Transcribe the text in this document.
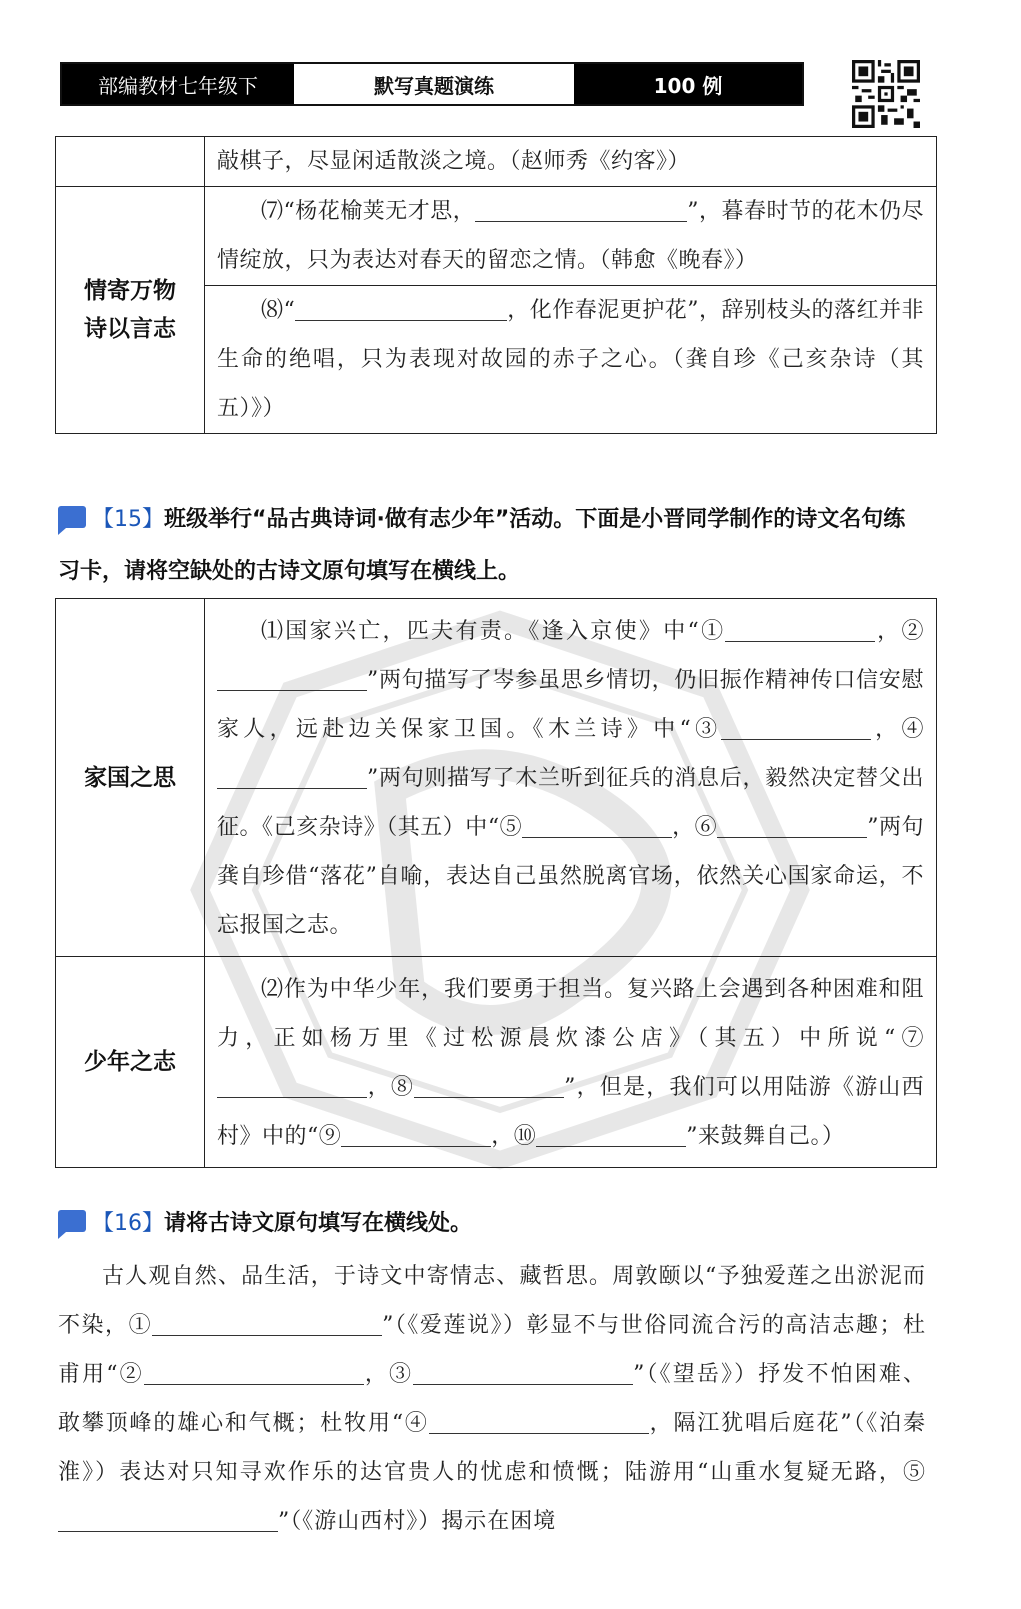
部编教材七年级下	默写真题演练	100 例
	敲棋子，尽显闲适散淡之境。（赵师秀《约客》）

情寄万物
诗以言志	⑺“杨花榆荚无才思， ”，暮春时节的花木仍尽情绽放，只为表达对春天的留恋之情。（韩愈《晚春》）
	⑻“ ，化作春泥更护花”，辞别枝头的落红并非生命的绝唱，只为表现对故园的赤子之心。（龚自珍《己亥杂诗（其五）》）
【15】班级举行“品古典诗词·做有志少年”活动。下面是小晋同学制作的诗文名句练习卡，请将空缺处的古诗文原句填写在横线上。
家国之思	⑴国家兴亡，匹夫有责。《逢入京使》中“① ，②”两句描写了岑参虽思乡情切，仍旧振作精神传口信安慰家人，远赴边关保家卫国。《木兰诗》中“③ ，④”两句则描写了木兰听到征兵的消息后，毅然决定替父出征。《己亥杂诗》（其五）中“⑤ ，⑥ ”两句龚自珍借“落花”自喻，表达自己虽然脱离官场，依然关心国家命运，不忘报国之志。
少年之志	⑵作为中华少年，我们要勇于担当。复兴路上会遇到各种困难和阻力，正如杨万里《过松源晨炊漆公店》（其五）中所说“⑦，⑧ ”，但是，我们可以用陆游《游山西村》中的“⑨ ，⑩ ”来鼓舞自己。）
【16】请将古诗文原句填写在横线处。
古人观自然、品生活，于诗文中寄情志、藏哲思。周敦颐以“予独爱莲之出淤泥而不染，①	”（《爱莲说》）彰显不与世俗同流合污的高洁志趣；杜甫用“②	，③	”（《望岳》）抒发不怕困难、敢攀顶峰的雄心和气概；杜牧用“④	，隔江犹唱后庭花”（《泊秦淮》）表达对只知寻欢作乐的达官贵人的忧虑和愤慨；陆游用“山重水复疑无路，⑤”（《游山西村》）揭示在困境
